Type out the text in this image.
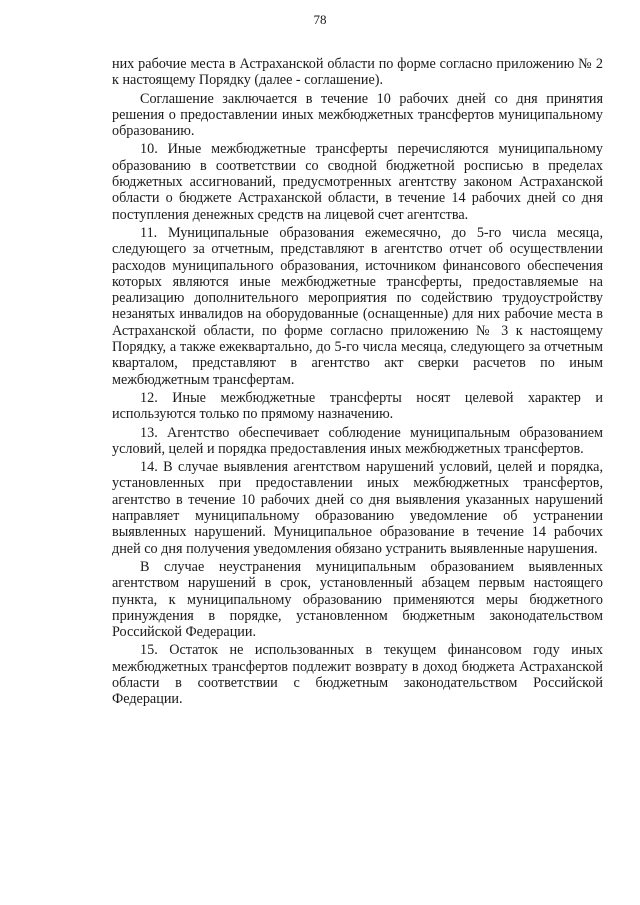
78

них рабочие места в Астраханской области по форме согласно приложению № 2 к настоящему Порядку (далее - соглашение).

Соглашение заключается в течение 10 рабочих дней со дня принятия решения о предоставлении иных межбюджетных трансфертов муниципальному образованию.

10. Иные межбюджетные трансферты перечисляются муниципальному образованию в соответствии со сводной бюджетной росписью в пределах бюджетных ассигнований, предусмотренных агентству законом Астраханской области о бюджете Астраханской области, в течение 14 рабочих дней со дня поступления денежных средств на лицевой счет агентства.

11. Муниципальные образования ежемесячно, до 5-го числа месяца, следующего за отчетным, представляют в агентство отчет об осуществлении расходов муниципального образования, источником финансового обеспечения которых являются иные межбюджетные трансферты, предоставляемые на реализацию дополнительного мероприятия по содействию трудоустройству незанятых инвалидов на оборудованные (оснащенные) для них рабочие места в Астраханской области, по форме согласно приложению № 3 к настоящему Порядку, а также ежеквартально, до 5-го числа месяца, следующего за отчетным кварталом, представляют в агентство акт сверки расчетов по иным межбюджетным трансфертам.

12. Иные межбюджетные трансферты носят целевой характер и используются только по прямому назначению.

13. Агентство обеспечивает соблюдение муниципальным образованием условий, целей и порядка предоставления иных межбюджетных трансфертов.

14. В случае выявления агентством нарушений условий, целей и порядка, установленных при предоставлении иных межбюджетных трансфертов, агентство в течение 10 рабочих дней со дня выявления указанных нарушений направляет муниципальному образованию уведомление об устранении выявленных нарушений. Муниципальное образование в течение 14 рабочих дней со дня получения уведомления обязано устранить выявленные нарушения.

В случае неустранения муниципальным образованием выявленных агентством нарушений в срок, установленный абзацем первым настоящего пункта, к муниципальному образованию применяются меры бюджетного принуждения в порядке, установленном бюджетным законодательством Российской Федерации.

15. Остаток не использованных в текущем финансовом году иных межбюджетных трансфертов подлежит возврату в доход бюджета Астраханской области в соответствии с бюджетным законодательством Российской Федерации.
